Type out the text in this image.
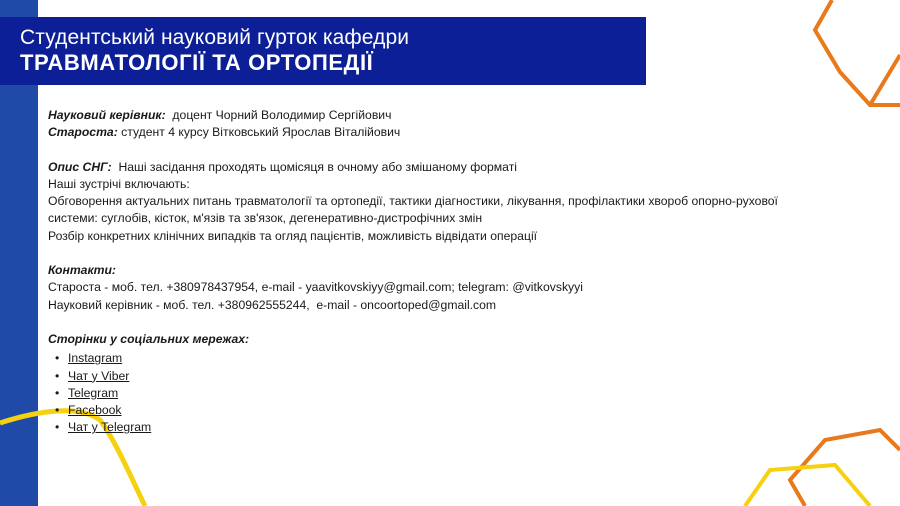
Студентський науковий гурток кафедри
ТРАВМАТОЛОГІЇ ТА ОРТОПЕДІЇ

Науковий керівник:  доцент Чорний Володимир Сергійович

Староста: студент 4 курсу Вітковський Ярослав Віталійович

Опис СНГ:  Наші засідання проходять щомісяця в очному або змішаному форматі

Наші зустрічі включають:

Обговорення актуальних питань травматології та ортопедії, тактики діагностики, лікування, профілактики хвороб опорно-рухової системи: суглобів, кісток, м'язів та зв'язок, дегенеративно-дистрофічних змін

Розбір конкретних клінічних випадків та огляд пацієнтів, можливість відвідати операції

Контакти:

Староста - моб. тел. +380978437954, e-mail - yaavitkovskiyy@gmail.com; telegram: @vitkovskyyi

Науковий керівник - моб. тел. +380962555244,  e-mail - oncoortoped@gmail.com

Сторінки у соціальних мережах:

• Instagram
• Чат у Viber
• Telegram
• Facebook
• Чат у Telegram
